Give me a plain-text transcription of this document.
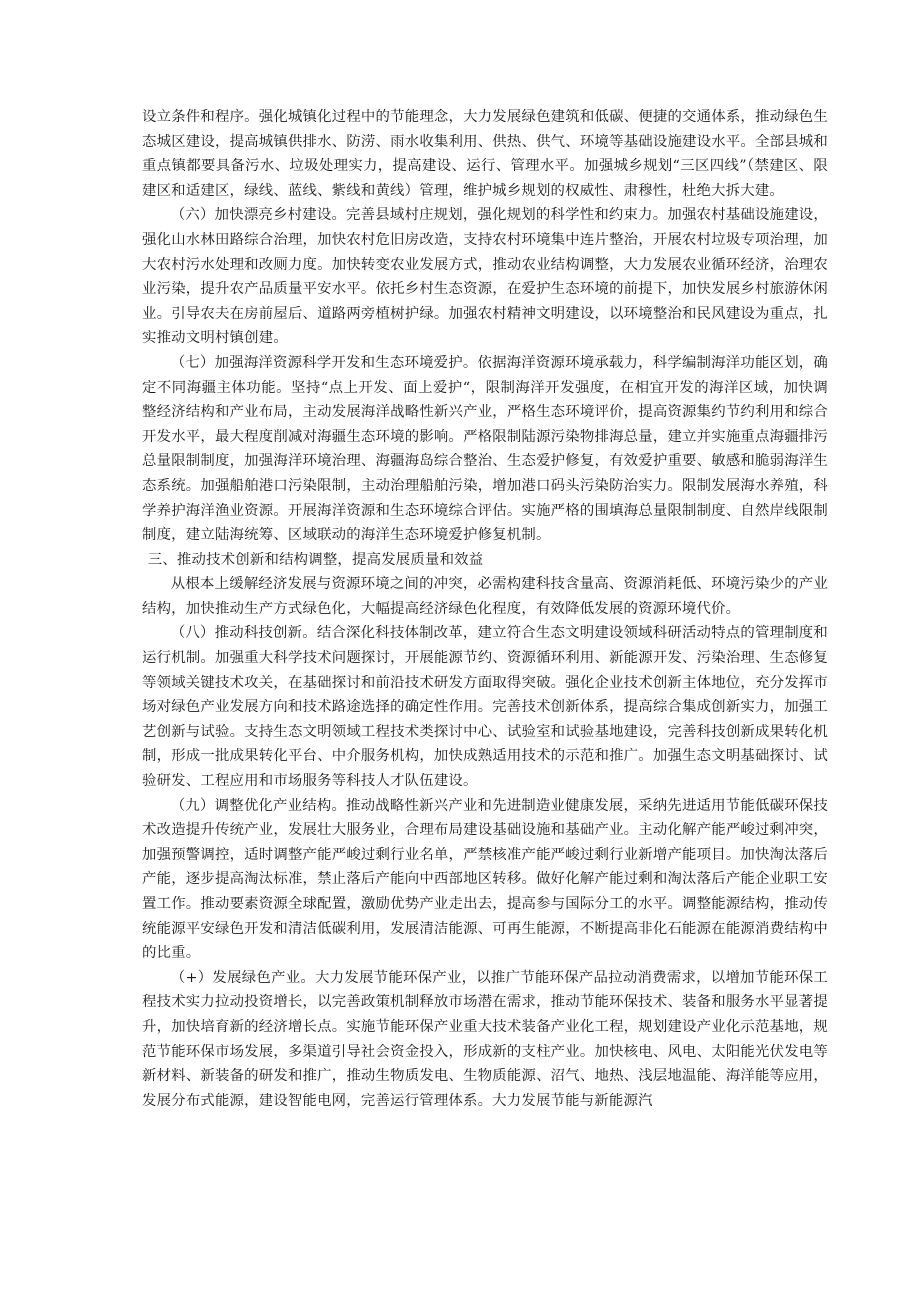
设立条件和程序。强化城镇化过程中的节能理念，大力发展绿色建筑和低碳、便捷的交通体系，推动绿色生态城区建设，提高城镇供排水、防涝、雨水收集利用、供热、供气、环境等基础设施建设水平。全部县城和重点镇都要具备污水、垃圾处理实力，提高建设、运行、管理水平。加强城乡规划“三区四线”（禁建区、限建区和适建区，绿线、蓝线、紫线和黄线）管理，维护城乡规划的权威性、肃穆性，杜绝大拆大建。

（六）加快漂亮乡村建设。完善县域村庄规划，强化规划的科学性和约束力。加强农村基础设施建设，强化山水林田路综合治理，加快农村危旧房改造，支持农村环境集中连片整治，开展农村垃圾专项治理，加大农村污水处理和改厕力度。加快转变农业发展方式，推动农业结构调整，大力发展农业循环经济，治理农业污染，提升农产品质量平安水平。依托乡村生态资源，在爱护生态环境的前提下，加快发展乡村旅游休闲业。引导农夫在房前屋后、道路两旁植树护绿。加强农村精神文明建设，以环境整治和民风建设为重点，扎实推动文明村镇创建。

（七）加强海洋资源科学开发和生态环境爱护。依据海洋资源环境承载力，科学编制海洋功能区划，确定不同海疆主体功能。坚持“点上开发、面上爱护“，限制海洋开发强度，在相宜开发的海洋区域，加快调整经济结构和产业布局，主动发展海洋战略性新兴产业，严格生态环境评价，提高资源集约节约利用和综合开发水平，最大程度削减对海疆生态环境的影响。严格限制陆源污染物排海总量，建立并实施重点海疆排污总量限制制度，加强海洋环境治理、海疆海岛综合整治、生态爱护修复，有效爱护重要、敏感和脆弱海洋生态系统。加强船舶港口污染限制，主动治理船舶污染，增加港口码头污染防治实力。限制发展海水养殖，科学养护海洋渔业资源。开展海洋资源和生态环境综合评估。实施严格的围填海总量限制制度、自然岸线限制制度，建立陆海统筹、区域联动的海洋生态环境爱护修复机制。

三、推动技术创新和结构调整，提高发展质量和效益

从根本上缓解经济发展与资源环境之间的冲突，必需构建科技含量高、资源消耗低、环境污染少的产业结构，加快推动生产方式绿色化，大幅提高经济绿色化程度，有效降低发展的资源环境代价。

（八）推动科技创新。结合深化科技体制改革，建立符合生态文明建设领域科研活动特点的管理制度和运行机制。加强重大科学技术问题探讨，开展能源节约、资源循环利用、新能源开发、污染治理、生态修复等领域关键技术攻关，在基础探讨和前沿技术研发方面取得突破。强化企业技术创新主体地位，充分发挥市场对绿色产业发展方向和技术路途选择的确定性作用。完善技术创新体系，提高综合集成创新实力，加强工艺创新与试验。支持生态文明领域工程技术类探讨中心、试验室和试验基地建设，完善科技创新成果转化机制，形成一批成果转化平台、中介服务机构，加快成熟适用技术的示范和推广。加强生态文明基础探讨、试验研发、工程应用和市场服务等科技人才队伍建设。

（九）调整优化产业结构。推动战略性新兴产业和先进制造业健康发展，采纳先进适用节能低碳环保技术改造提升传统产业，发展壮大服务业，合理布局建设基础设施和基础产业。主动化解产能严峻过剩冲突，加强预警调控，适时调整产能严峻过剩行业名单，严禁核准产能严峻过剩行业新增产能项目。加快淘汰落后产能，逐步提高淘汰标准，禁止落后产能向中西部地区转移。做好化解产能过剩和淘汰落后产能企业职工安置工作。推动要素资源全球配置，激励优势产业走出去，提高参与国际分工的水平。调整能源结构，推动传统能源平安绿色开发和清洁低碳利用，发展清洁能源、可再生能源，不断提高非化石能源在能源消费结构中的比重。

（+）发展绿色产业。大力发展节能环保产业，以推广节能环保产品拉动消费需求，以增加节能环保工程技术实力拉动投资增长，以完善政策机制释放市场潜在需求，推动节能环保技术、装备和服务水平显著提升，加快培育新的经济增长点。实施节能环保产业重大技术装备产业化工程，规划建设产业化示范基地，规范节能环保市场发展，多渠道引导社会资金投入，形成新的支柱产业。加快核电、风电、太阳能光伏发电等新材料、新装备的研发和推广，推动生物质发电、生物质能源、沼气、地热、浅层地温能、海洋能等应用，发展分布式能源，建设智能电网，完善运行管理体系。大力发展节能与新能源汽
